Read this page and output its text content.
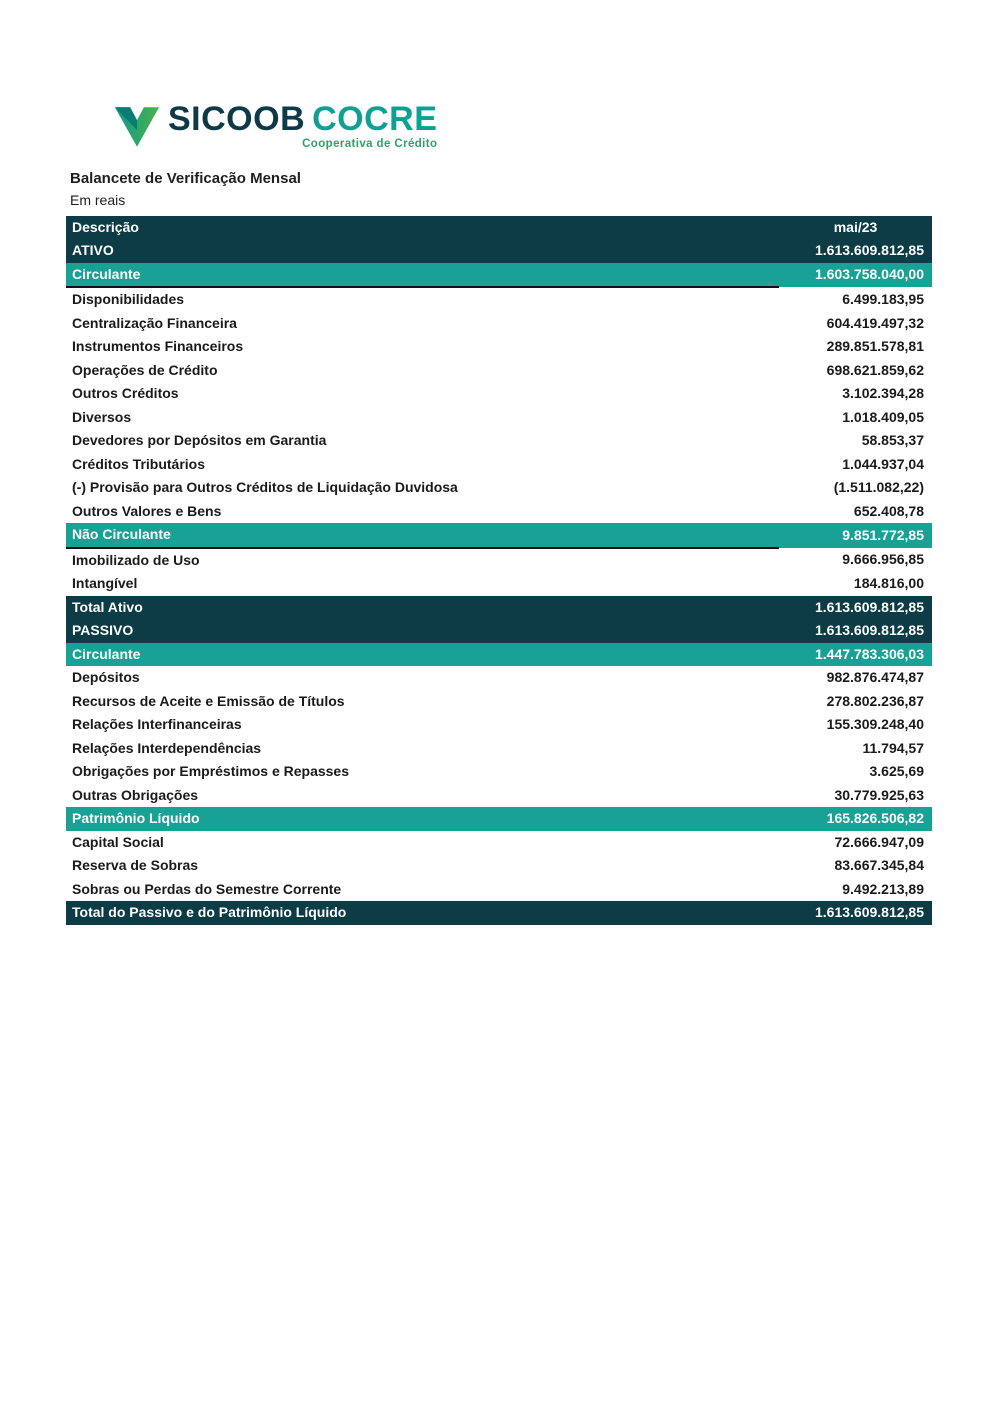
SICOOB COCRE
Cooperativa de Crédito
Balancete de Verificação Mensal
Em reais
Descrição	mai/23
ATIVO	1.613.609.812,85
Circulante	1.603.758.040,00
Disponibilidades	6.499.183,95
Centralização Financeira	604.419.497,32
Instrumentos Financeiros	289.851.578,81
Operações de Crédito	698.621.859,62
Outros Créditos	3.102.394,28
Diversos	1.018.409,05
Devedores por Depósitos em Garantia	58.853,37
Créditos Tributários	1.044.937,04
(-) Provisão para Outros Créditos de Liquidação Duvidosa	(1.511.082,22)
Outros Valores e Bens	652.408,78
Não Circulante	9.851.772,85
Imobilizado de Uso	9.666.956,85
Intangível	184.816,00
Total Ativo	1.613.609.812,85
PASSIVO	1.613.609.812,85
Circulante	1.447.783.306,03
Depósitos	982.876.474,87
Recursos de Aceite e Emissão de Títulos	278.802.236,87
Relações Interfinanceiras	155.309.248,40
Relações Interdependências	11.794,57
Obrigações por Empréstimos e Repasses	3.625,69
Outras Obrigações	30.779.925,63
Patrimônio Líquido	165.826.506,82
Capital Social	72.666.947,09
Reserva de Sobras	83.667.345,84
Sobras ou Perdas do Semestre Corrente	9.492.213,89
Total do Passivo e do Patrimônio Líquido	1.613.609.812,85
